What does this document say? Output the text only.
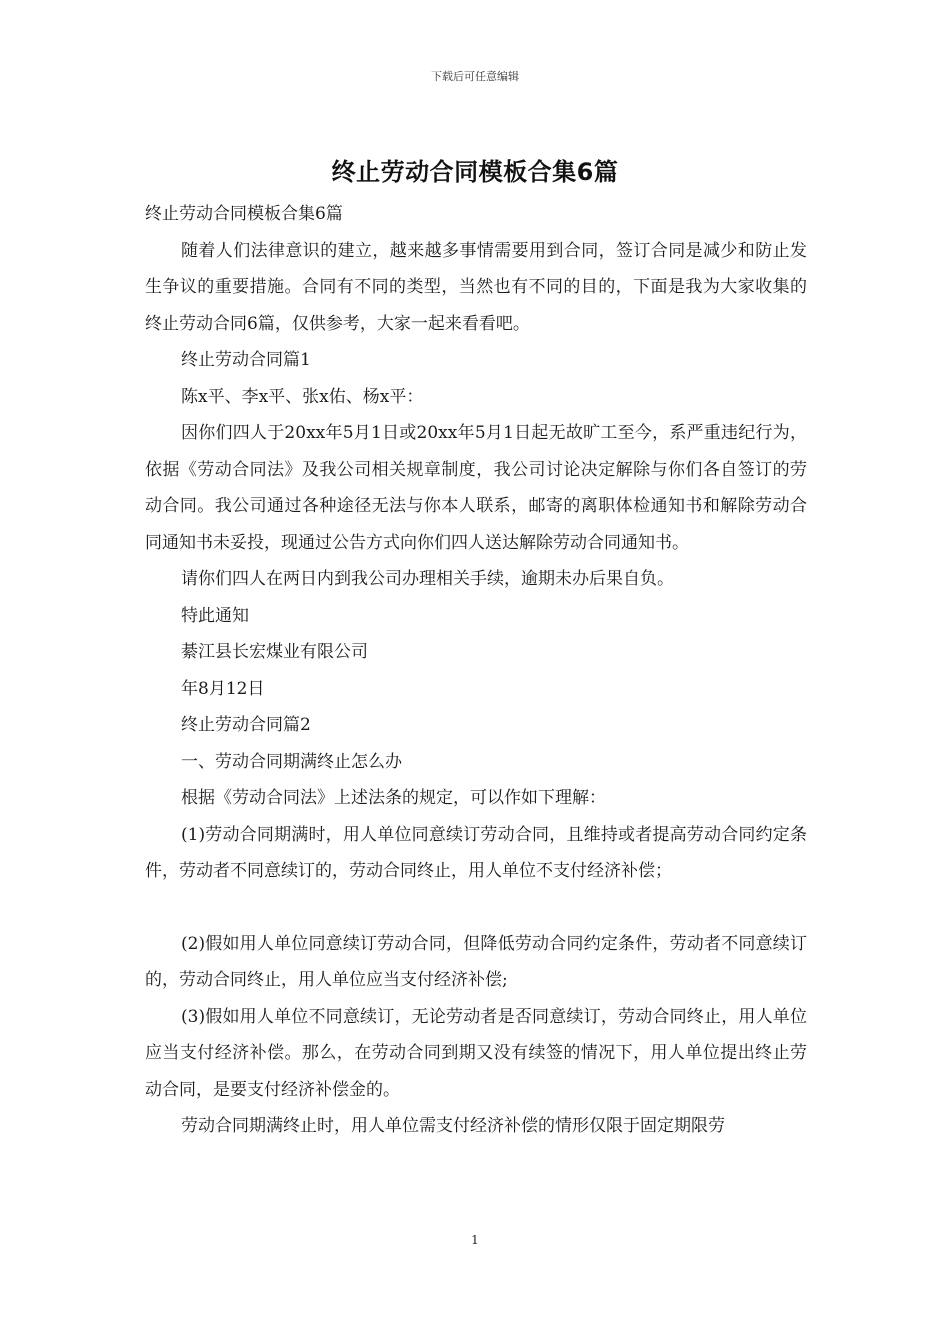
下载后可任意编辑
终止劳动合同模板合集6篇

终止劳动合同模板合集6篇

随着人们法律意识的建立，越来越多事情需要用到合同，签订合同是减少和防止发生争议的重要措施。合同有不同的类型，当然也有不同的目的，下面是我为大家收集的终止劳动合同6篇，仅供参考，大家一起来看看吧。

终止劳动合同篇1

陈x平、李x平、张x佑、杨x平：

因你们四人于20xx年5月1日或20xx年5月1日起无故旷工至今，系严重违纪行为，依据《劳动合同法》及我公司相关规章制度，我公司讨论决定解除与你们各自签订的劳动合同。我公司通过各种途径无法与你本人联系，邮寄的离职体检通知书和解除劳动合同通知书未妥投，现通过公告方式向你们四人送达解除劳动合同通知书。

请你们四人在两日内到我公司办理相关手续，逾期未办后果自负。

特此通知

綦江县长宏煤业有限公司

年8月12日

终止劳动合同篇2

一、劳动合同期满终止怎么办

根据《劳动合同法》上述法条的规定，可以作如下理解：

(1)劳动合同期满时，用人单位同意续订劳动合同，且维持或者提高劳动合同约定条件，劳动者不同意续订的，劳动合同终止，用人单位不支付经济补偿；

(2)假如用人单位同意续订劳动合同，但降低劳动合同约定条件，劳动者不同意续订的，劳动合同终止，用人单位应当支付经济补偿;

(3)假如用人单位不同意续订，无论劳动者是否同意续订，劳动合同终止，用人单位应当支付经济补偿。那么，在劳动合同到期又没有续签的情况下，用人单位提出终止劳动合同，是要支付经济补偿金的。

劳动合同期满终止时，用人单位需支付经济补偿的情形仅限于固定期限劳

1
